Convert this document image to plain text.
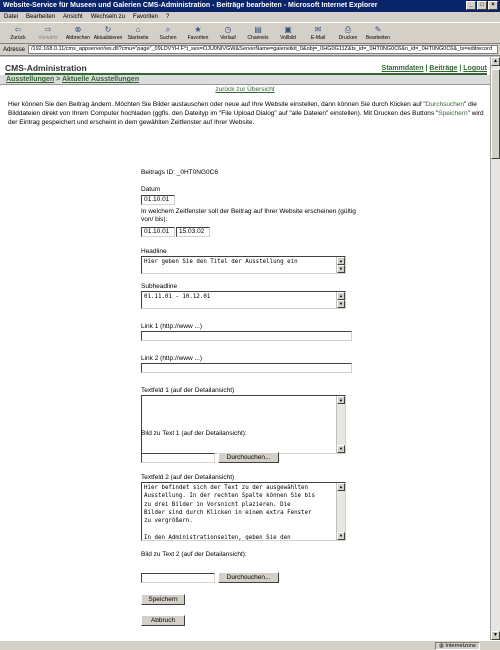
Website-Service für Museen und Galerien CMS-Administration - Beiträge bearbeiten - Microsoft Internet Explorer	_	□	×
Datei Bearbeiten Ansicht Wechseln zu Favoriten ?
⇦
Zurück
⇨
Vorwärts
⊗
Abbrechen
↻
Aktualisieren
⌂
Startseite
⌕
Suchen
★
Favoriten
◷
Verlauf
▤
Channels
▣
Vollbild
✉
E-Mail
⎙
Drucken
✎
Bearbeiten
Adresse	/192.168.0.11/cms_appserver/ws.dll?cmu="page"_09LDVYH F^t_ses=OJU0NIVGW&ServerName=galerietkit_0&obj=_0HG0G11Z&ts_id=_0HT0NG0C6&n_id=_0HT0NG0C6&_tx=editrecord
CMS-Administration	Stammdaten | Beiträge | Logout
Ausstellungen > Aktuelle Ausstellungen
zurück zur Übersicht
Hier können Sie den Beitrag ändern. Möchten Sie Bilder austauschen oder neue auf Ihre Website einstellen, dann können Sie durch Klicken auf "Durchsuchen" die Bilddateien direkt von Ihrem Computer hochladen (ggfls. den Dateityp im "File Upload Dialog" auf "alle Dateien" einstellen). Mit Drucken des Buttons "Speichern" wird der Eintrag gespeichert und erscheint in dem gewählten Zeitfenster auf Ihrer Website.
Beitrags ID: _0HT0NG0C6
Datum
01.10.01
In welchem Zeitfenster soll der Beitrag auf Ihrer Website erscheinen (gültig von/ bis):
01.10.01	15.03.02
Headline
Hier geben Sie den Titel der Ausstellung ein	▲
▼
Subheadline
01.11.01 - 10.12.01	▲
▼
Link 1 (http://www ...)
Link 2 (http://www ...)
Textfeld 1 (auf der Detailansicht)
▲
▼
Bild zu Text 1 (auf der Detailansicht):
Durchsuchen...
Textfeld 2 (auf der Detailansicht)
Hier befindet sich der Text zu der ausgewählten
Ausstellung. In der rechten Spalte können Sie bis
zu drei Bilder in Vorsnicht plazieren. Die
Bilder sind durch Klicken in einem extra Fenster
zu vergrößern.

In den Administrationseiten, geben Sie den
▲
▼
Bild zu Text 2 (auf der Detailansicht):
Durchsuchen...
Speichern
Abbruch
▲
▼
◍ Internetzone
